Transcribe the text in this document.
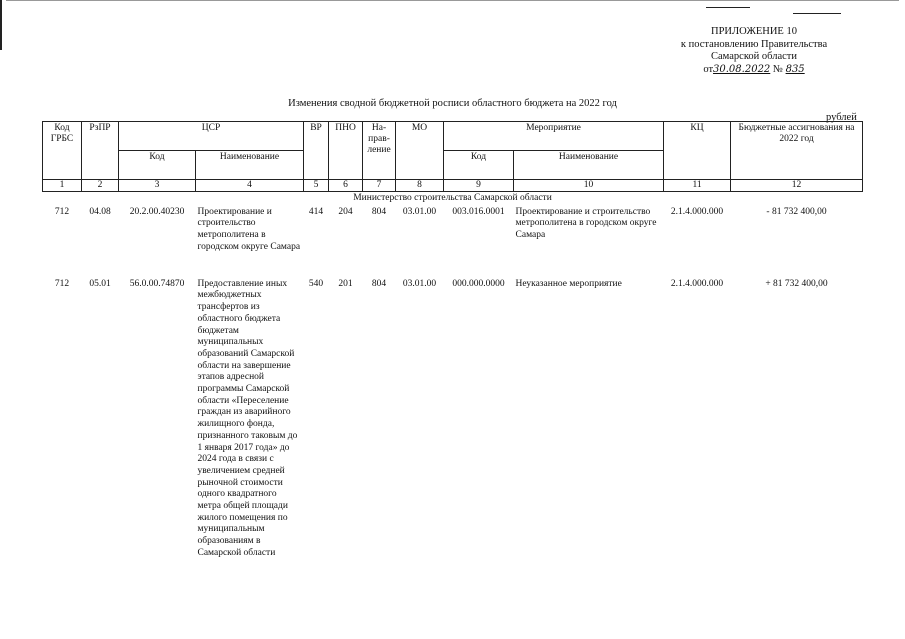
ПРИЛОЖЕНИЕ 10
к постановлению Правительства
Самарской области
от30.08.2022 № 835
Изменения сводной бюджетной росписи областного бюджета на 2022 год
рублей
Код ГРБС	РзПР	ЦСР		ВР	ПНО	На-прав-ление	МО	Мероприятие		КЦ	Бюджетные ассигнования на 2022 год
		Код	Наименование					Код	Наименование		
1	2	3	4	5	6	7	8	9	10	11	12
Министерство строительства Самарской области											
712	04.08	20.2.00.40230	Проектирование и строительство метрополитена в городском округе Самара	414	204	804	03.01.00	003.016.0001	Проектирование и строительство метрополитена в городском округе Самара	2.1.4.000.000	- 81 732 400,00
712	05.01	56.0.00.74870	Предоставление иных межбюджетных трансфертов из областного бюджета бюджетам муниципальных образований Самарской области на завершение этапов адресной программы Самарской области «Переселение граждан из аварийного жилищного фонда, признанного таковым до 1 января 2017 года» до 2024 года в связи с увеличением средней рыночной стоимости одного квадратного метра общей площади жилого помещения по муниципальным образованиям в Самарской области	540	201	804	03.01.00	000.000.0000	Неуказанное мероприятие	2.1.4.000.000	+ 81 732 400,00
